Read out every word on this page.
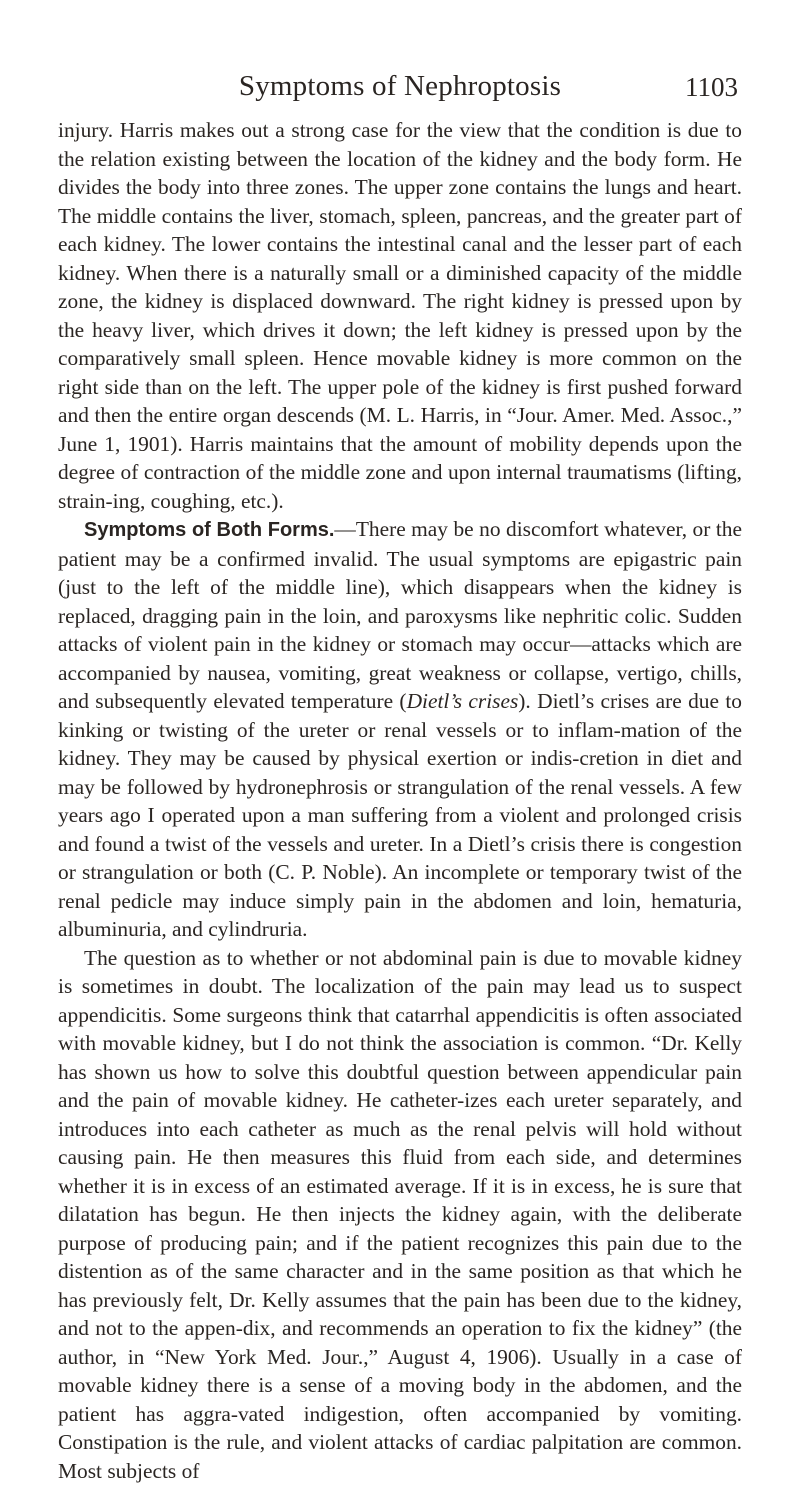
Symptoms of Nephroptosis	1103

injury. Harris makes out a strong case for the view that the condition is due to the relation existing between the location of the kidney and the body form. He divides the body into three zones. The upper zone contains the lungs and heart. The middle contains the liver, stomach, spleen, pancreas, and the greater part of each kidney. The lower contains the intestinal canal and the lesser part of each kidney. When there is a naturally small or a diminished capacity of the middle zone, the kidney is displaced downward. The right kidney is pressed upon by the heavy liver, which drives it down; the left kidney is pressed upon by the comparatively small spleen. Hence movable kidney is more common on the right side than on the left. The upper pole of the kidney is first pushed forward and then the entire organ descends (M. L. Harris, in “Jour. Amer. Med. Assoc.,” June 1, 1901). Harris maintains that the amount of mobility depends upon the degree of contraction of the middle zone and upon internal traumatisms (lifting, strain-ing, coughing, etc.).

Symptoms of Both Forms.—There may be no discomfort whatever, or the patient may be a confirmed invalid. The usual symptoms are epigastric pain (just to the left of the middle line), which disappears when the kidney is replaced, dragging pain in the loin, and paroxysms like nephritic colic. Sudden attacks of violent pain in the kidney or stomach may occur—attacks which are accompanied by nausea, vomiting, great weakness or collapse, vertigo, chills, and subsequently elevated temperature (Dietl’s crises). Dietl’s crises are due to kinking or twisting of the ureter or renal vessels or to inflam-mation of the kidney. They may be caused by physical exertion or indis-cretion in diet and may be followed by hydronephrosis or strangulation of the renal vessels. A few years ago I operated upon a man suffering from a violent and prolonged crisis and found a twist of the vessels and ureter. In a Dietl’s crisis there is congestion or strangulation or both (C. P. Noble). An incomplete or temporary twist of the renal pedicle may induce simply pain in the abdomen and loin, hematuria, albuminuria, and cylindruria.

The question as to whether or not abdominal pain is due to movable kidney is sometimes in doubt. The localization of the pain may lead us to suspect appendicitis. Some surgeons think that catarrhal appendicitis is often associated with movable kidney, but I do not think the association is common. “Dr. Kelly has shown us how to solve this doubtful question between appendicular pain and the pain of movable kidney. He catheter-izes each ureter separately, and introduces into each catheter as much as the renal pelvis will hold without causing pain. He then measures this fluid from each side, and determines whether it is in excess of an estimated average. If it is in excess, he is sure that dilatation has begun. He then injects the kidney again, with the deliberate purpose of producing pain; and if the patient recognizes this pain due to the distention as of the same character and in the same position as that which he has previously felt, Dr. Kelly assumes that the pain has been due to the kidney, and not to the appen-dix, and recommends an operation to fix the kidney” (the author, in “New York Med. Jour.,” August 4, 1906). Usually in a case of movable kidney there is a sense of a moving body in the abdomen, and the patient has aggra-vated indigestion, often accompanied by vomiting. Constipation is the rule, and violent attacks of cardiac palpitation are common. Most subjects of
